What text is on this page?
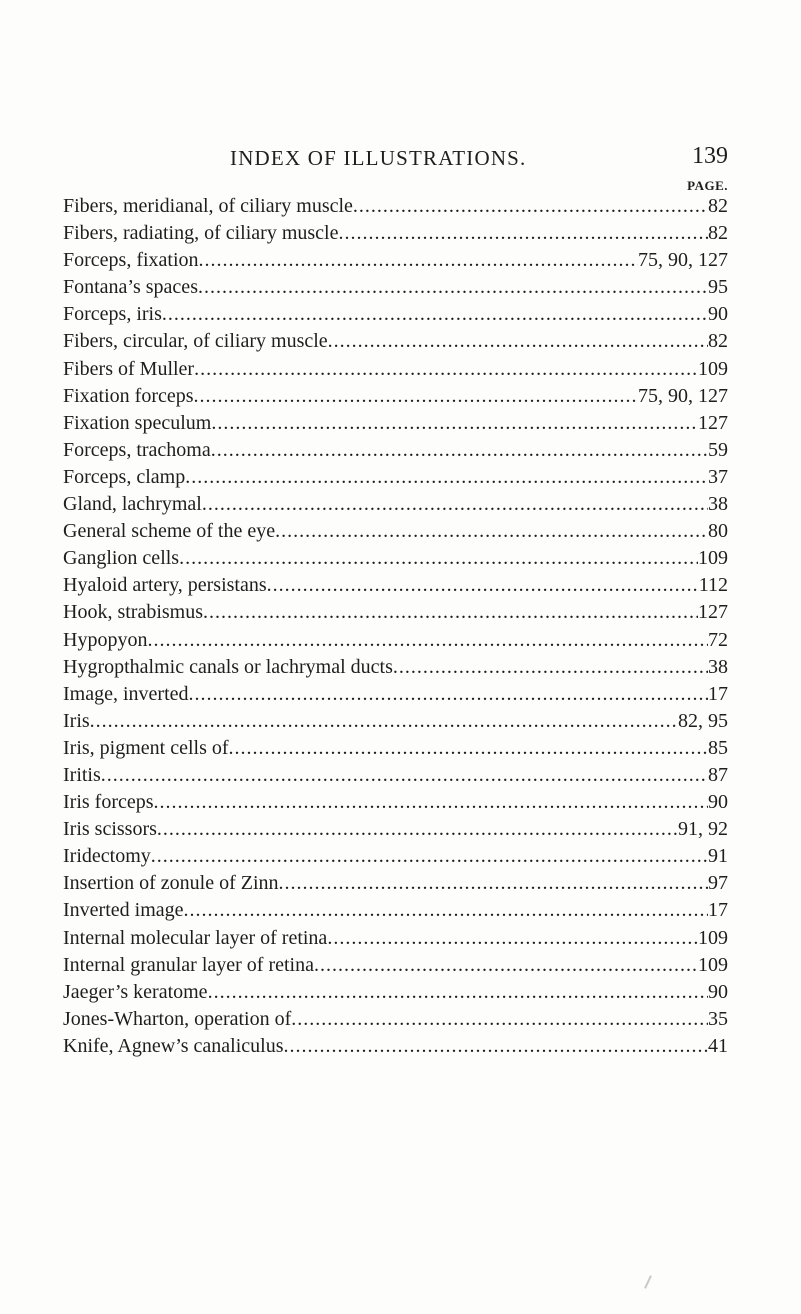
INDEX OF ILLUSTRATIONS.	139
PAGE.
Fibers, meridianal, of ciliary muscle .....	82
Fibers, radiating, of ciliary muscle .....	82
Forceps, fixation .....	75, 90, 127
Fontana’s spaces .....	95
Forceps, iris .....	90
Fibers, circular, of ciliary muscle .....	82
Fibers of Muller .....	109
Fixation forceps .....	75, 90, 127
Fixation speculum .....	127
Forceps, trachoma .....	59
Forceps, clamp .....	37
Gland, lachrymal .....	38
General scheme of the eye .....	80
Ganglion cells .....	109
Hyaloid artery, persistans .....	112
Hook, strabismus .....	127
Hypopyon .....	72
Hygropthalmic canals or lachrymal ducts .....	38
Image, inverted .....	17
Iris .....	82, 95
Iris, pigment cells of .....	85
Iritis .....	87
Iris forceps .....	90
Iris scissors .....	91, 92
Iridectomy .....	91
Insertion of zonule of Zinn .....	97
Inverted image .....	17
Internal molecular layer of retina .....	109
Internal granular layer of retina .....	109
Jaeger’s keratome .....	90
Jones-Wharton, operation of .....	35
Knife, Agnew’s canaliculus .....	41
